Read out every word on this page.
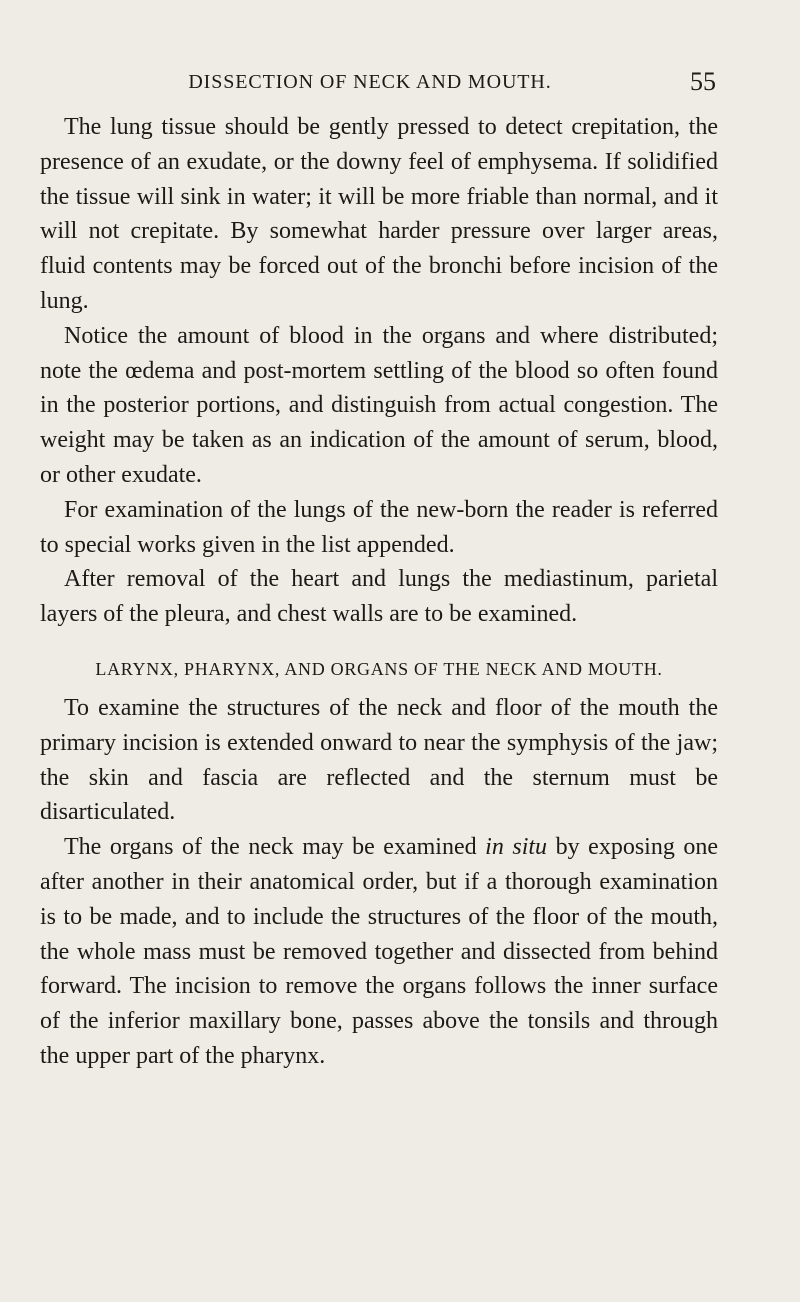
DISSECTION OF NECK AND MOUTH.	55

The lung tissue should be gently pressed to detect crepitation, the presence of an exudate, or the downy feel of emphysema. If solidified the tissue will sink in water; it will be more friable than normal, and it will not crepitate. By somewhat harder pressure over larger areas, fluid contents may be forced out of the bronchi before incision of the lung.

Notice the amount of blood in the organs and where distributed; note the œdema and post-mortem settling of the blood so often found in the posterior portions, and distinguish from actual congestion. The weight may be taken as an indication of the amount of serum, blood, or other exudate.

For examination of the lungs of the new-born the reader is referred to special works given in the list appended.

After removal of the heart and lungs the mediastinum, parietal layers of the pleura, and chest walls are to be examined.

LARYNX, PHARYNX, AND ORGANS OF THE NECK AND MOUTH.

To examine the structures of the neck and floor of the mouth the primary incision is extended onward to near the symphysis of the jaw; the skin and fascia are reflected and the sternum must be disarticulated.

The organs of the neck may be examined in situ by exposing one after another in their anatomical order, but if a thorough examination is to be made, and to include the structures of the floor of the mouth, the whole mass must be removed together and dissected from behind forward. The incision to remove the organs follows the inner surface of the inferior maxillary bone, passes above the tonsils and through the upper part of the pharynx.
